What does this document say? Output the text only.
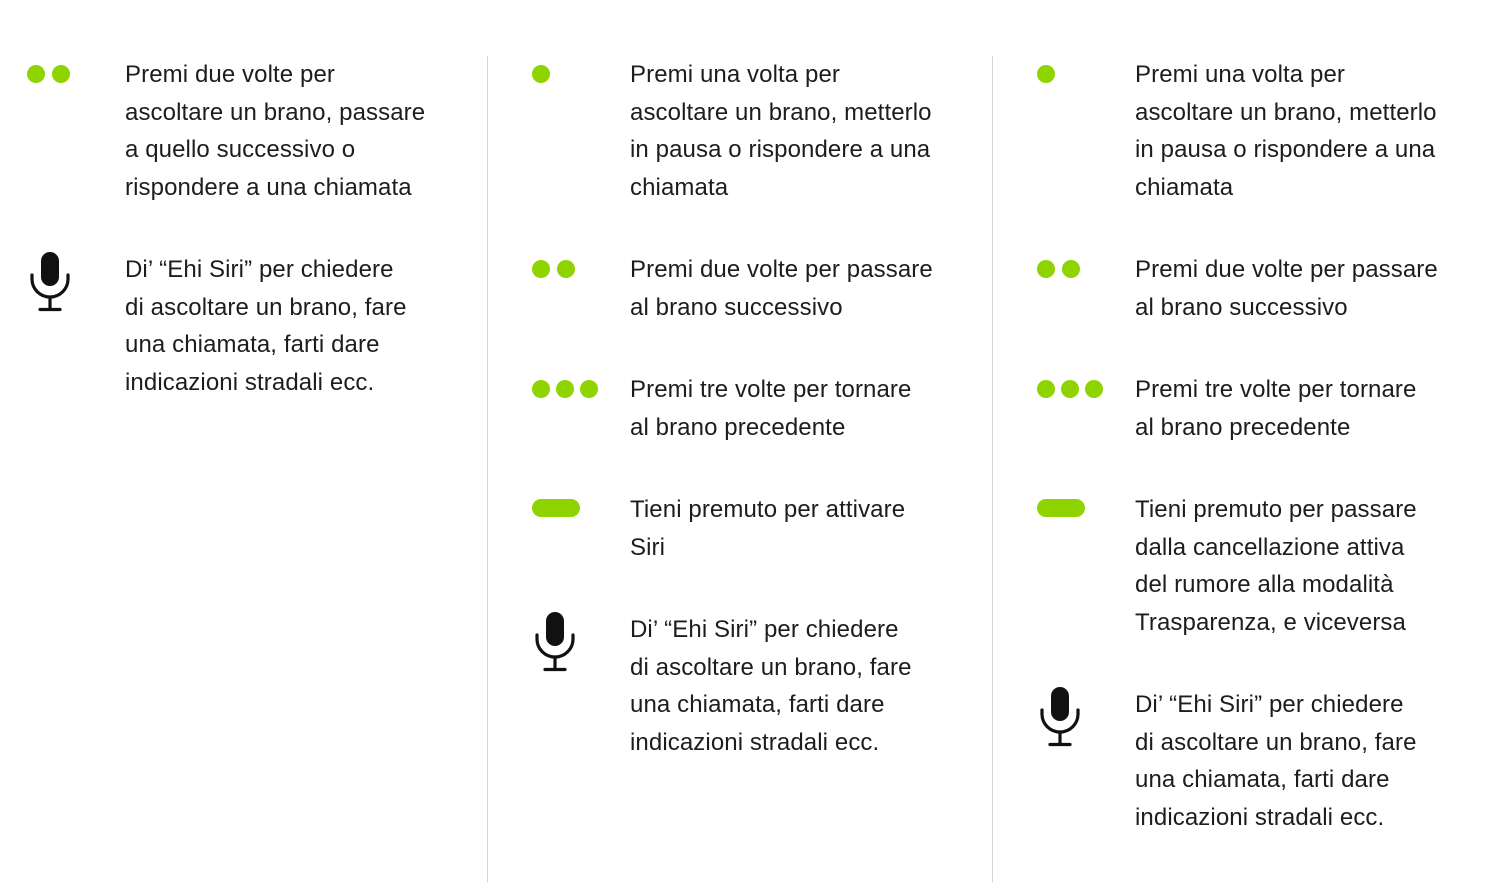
Premi due volte per
ascoltare un brano, passare
a quello successivo o
rispondere a una chiamata
Di’ “Ehi Siri” per chiedere
di ascoltare un brano, fare
una chiamata, farti dare
indicazioni stradali ecc.
Premi una volta per
ascoltare un brano, metterlo
in pausa o rispondere a una
chiamata
Premi due volte per passare
al brano successivo
Premi tre volte per tornare
al brano precedente
Tieni premuto per attivare
Siri
Di’ “Ehi Siri” per chiedere
di ascoltare un brano, fare
una chiamata, farti dare
indicazioni stradali ecc.
Premi una volta per
ascoltare un brano, metterlo
in pausa o rispondere a una
chiamata
Premi due volte per passare
al brano successivo
Premi tre volte per tornare
al brano precedente
Tieni premuto per passare
dalla cancellazione attiva
del rumore alla modalità
Trasparenza, e viceversa
Di’ “Ehi Siri” per chiedere
di ascoltare un brano, fare
una chiamata, farti dare
indicazioni stradali ecc.
